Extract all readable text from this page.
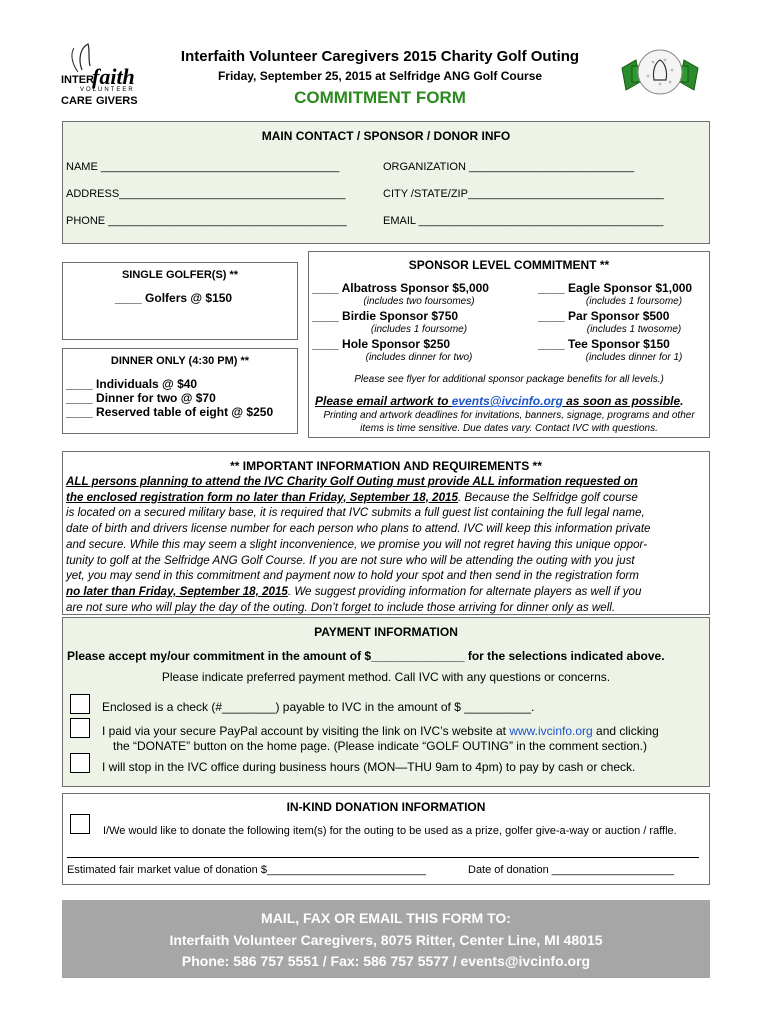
INTER
faith
VOLUNTEER
CARE GIVERS
Interfaith Volunteer Caregivers 2015 Charity Golf Outing
Friday, September 25, 2015 at Selfridge ANG Golf Course
COMMITMENT FORM
MAIN CONTACT / SPONSOR / DONOR INFO
NAME _______________________________________	ORGANIZATION ___________________________
ADDRESS_____________________________________	CITY /STATE/ZIP________________________________
PHONE _______________________________________	EMAIL ________________________________________
SINGLE GOLFER(S) **
____ Golfers @ $150
DINNER ONLY (4:30 PM) **
____ Individuals @ $40
____ Dinner for two @ $70
____ Reserved table of eight @ $250
SPONSOR LEVEL COMMITMENT **
____ Albatross Sponsor $5,000
(includes two foursomes)
____ Eagle Sponsor $1,000
(includes 1 foursome)
____ Birdie Sponsor $750
(includes 1 foursome)
____ Par Sponsor $500
(includes 1 twosome)
____ Hole Sponsor $250
(includes dinner for two)
____ Tee Sponsor $150
(includes dinner for 1)
Please see flyer for additional sponsor package benefits for all levels.)
Please email artwork to events@ivcinfo.org as soon as possible.
Printing and artwork deadlines for invitations, banners, signage, programs and other items is time sensitive. Due dates vary. Contact IVC with questions.
** IMPORTANT INFORMATION AND REQUIREMENTS **
ALL persons planning to attend the IVC Charity Golf Outing must provide ALL information requested on
the enclosed registration form no later than Friday, September 18, 2015. Because the Selfridge golf course
is located on a secured military base, it is required that IVC submits a full guest list containing the full legal name,
date of birth and drivers license number for each person who plans to attend. IVC will keep this information private
and secure. While this may seem a slight inconvenience, we promise you will not regret having this unique oppor-
tunity to golf at the Selfridge ANG Golf Course. If you are not sure who will be attending the outing with you just
yet, you may send in this commitment and payment now to hold your spot and then send in the registration form
no later than Friday, September 18, 2015. We suggest providing information for alternate players as well if you
are not sure who will play the day of the outing. Don’t forget to include those arriving for dinner only as well.
PAYMENT INFORMATION
Please accept my/our commitment in the amount of $______________ for the selections indicated above.
Please indicate preferred payment method. Call IVC with any questions or concerns.
Enclosed is a check (#________) payable to IVC in the amount of $ __________.
I paid via your secure PayPal account by visiting the link on IVC’s website at www.ivcinfo.org and clicking
the “DONATE” button on the home page. (Please indicate “GOLF OUTING” in the comment section.)
I will stop in the IVC office during business hours (MON—THU 9am to 4pm) to pay by cash or check.
IN-KIND DONATION INFORMATION
I/We would like to donate the following item(s) for the outing to be used as a prize, golfer give-a-way or auction / raffle.
Estimated fair market value of donation $__________________________	Date of donation ____________________
MAIL, FAX OR EMAIL THIS FORM TO:
Interfaith Volunteer Caregivers, 8075 Ritter, Center Line, MI 48015
Phone: 586 757 5551 / Fax: 586 757 5577 / events@ivcinfo.org
